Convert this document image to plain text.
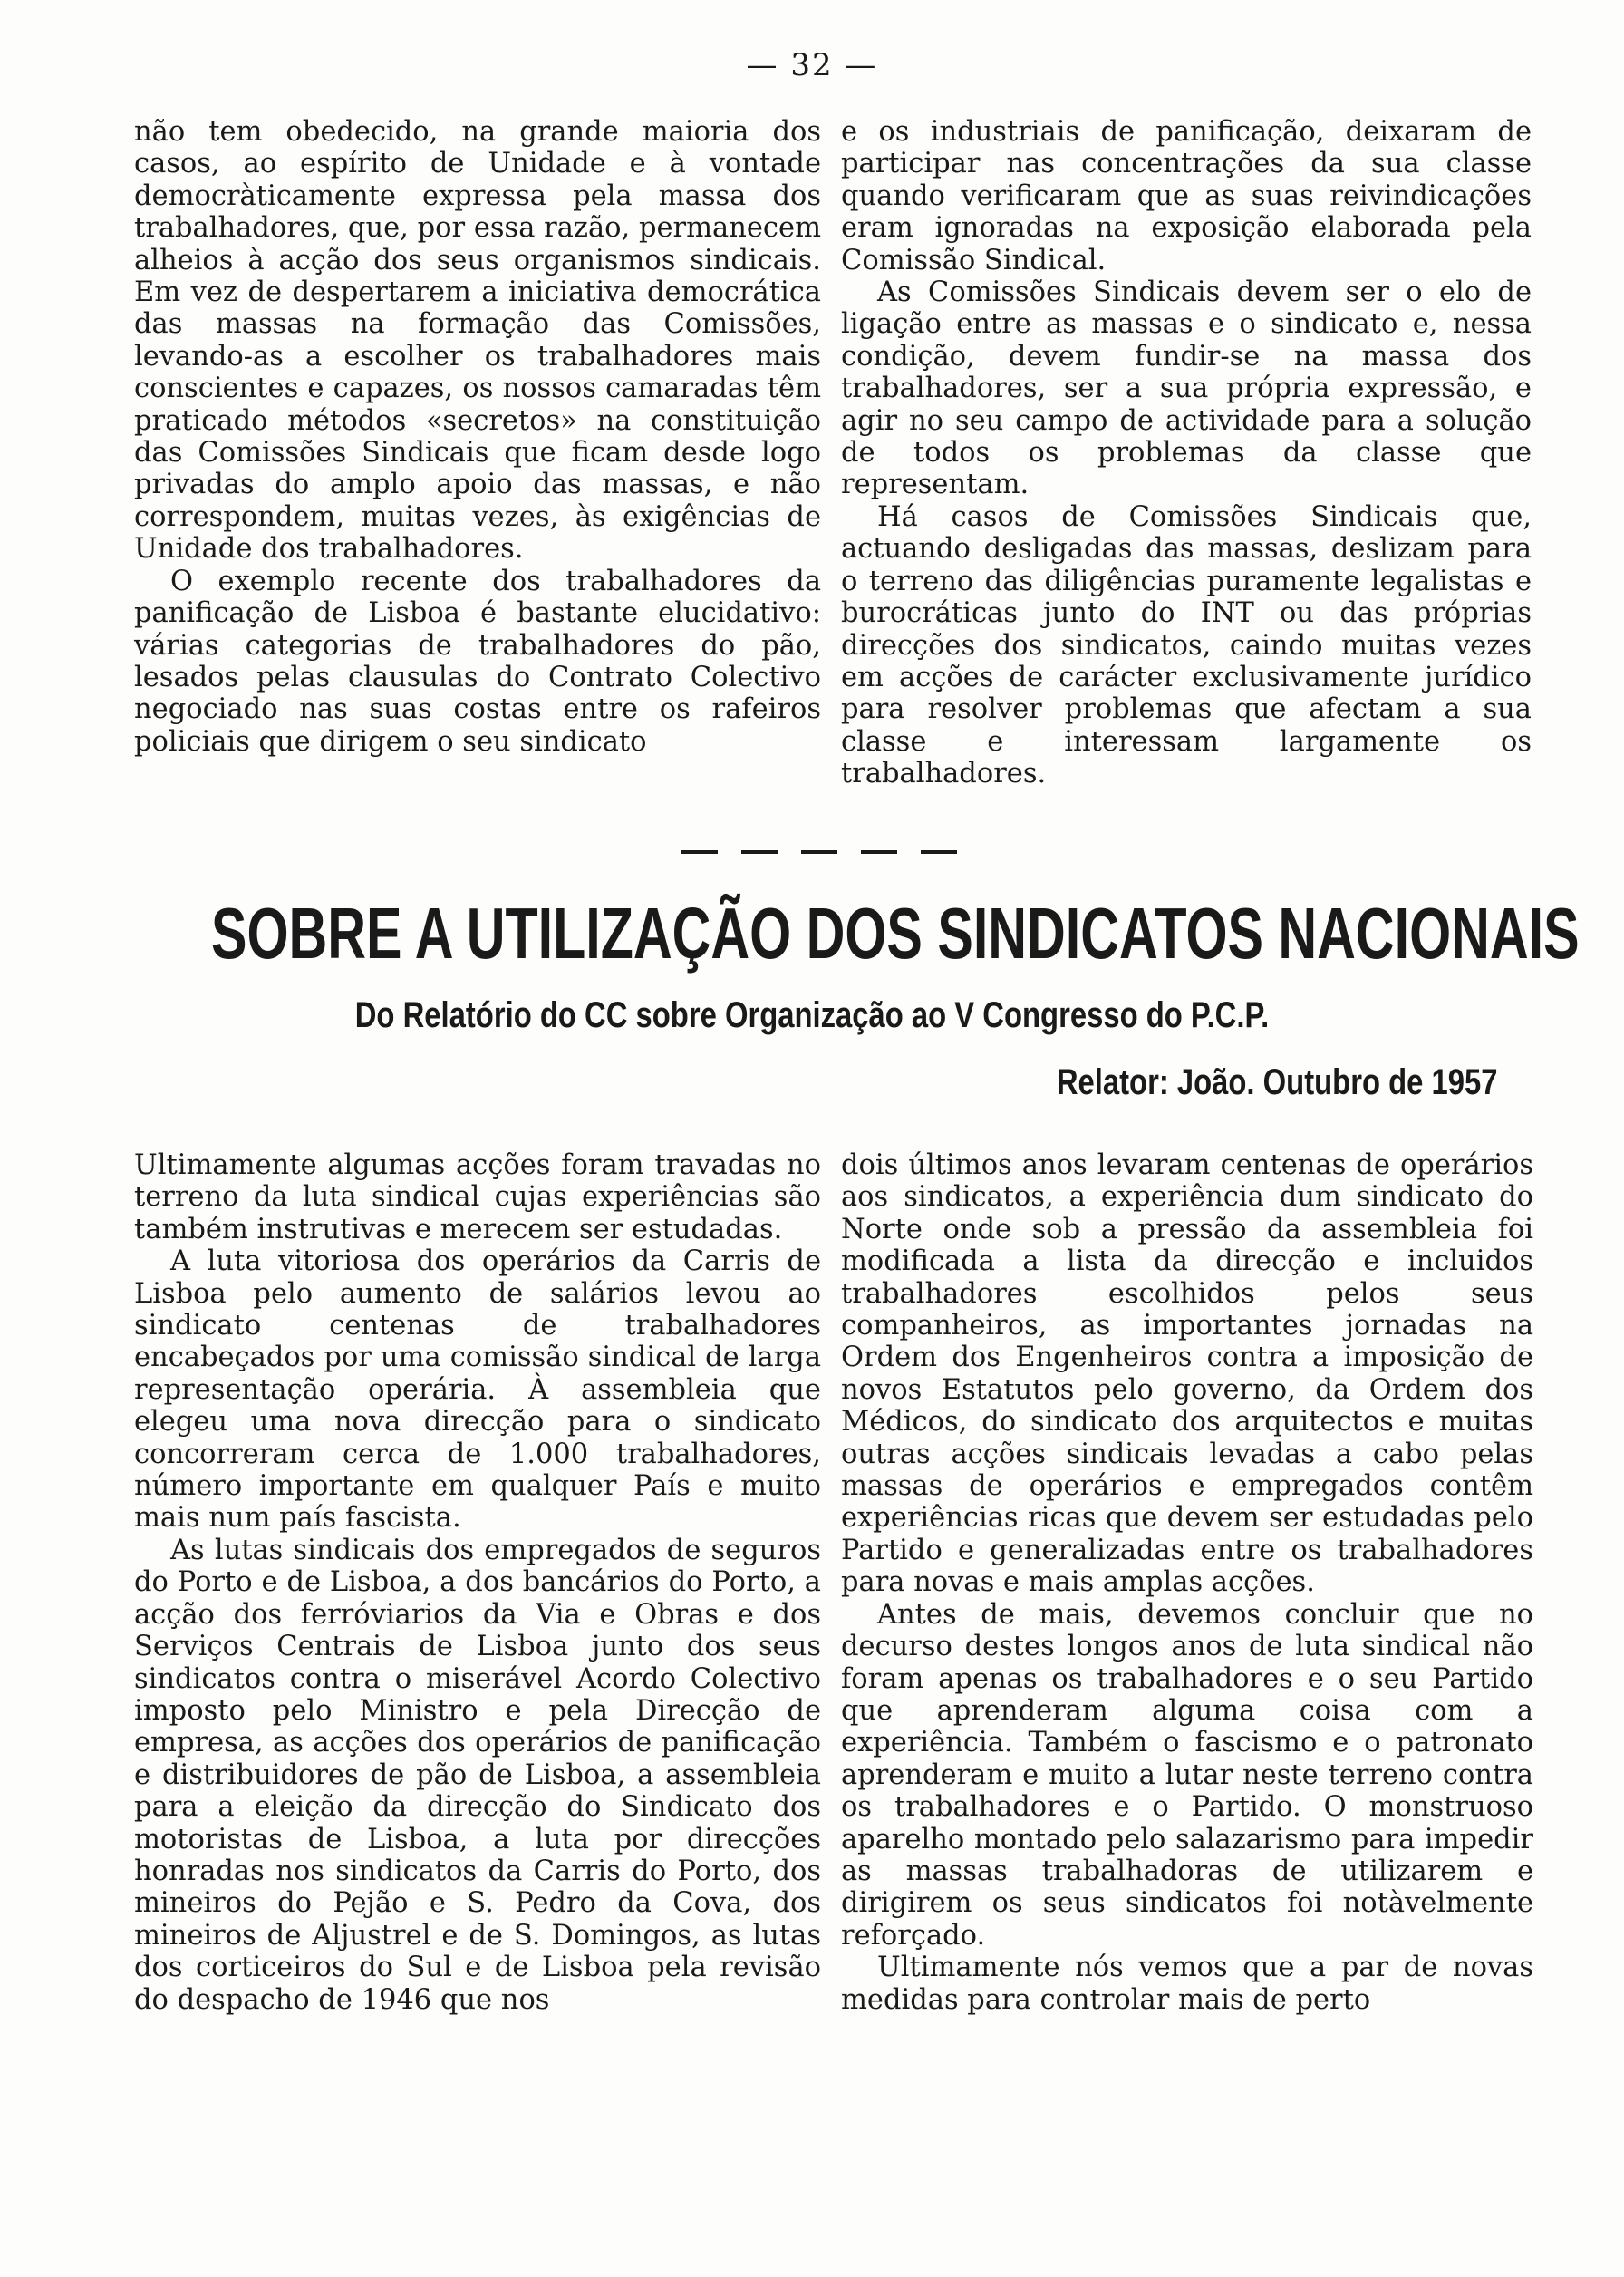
— 32 —

não tem obedecido, na grande maioria dos casos, ao espírito de Unidade e à vontade democràticamente expressa pela massa dos trabalhadores, que, por essa razão, permanecem alheios à acção dos seus organismos sindicais. Em vez de despertarem a iniciativa democrática das massas na formação das Comissões, levando-as a escolher os trabalhadores mais conscientes e capazes, os nossos camaradas têm praticado métodos «secretos» na constituição das Comissões Sindicais que ficam desde logo privadas do amplo apoio das massas, e não correspondem, muitas vezes, às exigências de Unidade dos trabalhadores.

O exemplo recente dos trabalhadores da panificação de Lisboa é bastante elucidativo: várias categorias de trabalhadores do pão, lesados pelas clausulas do Contrato Colectivo negociado nas suas costas entre os rafeiros policiais que dirigem o seu sindicato

e os industriais de panificação, deixaram de participar nas concentrações da sua classe quando verificaram que as suas reivindicações eram ignoradas na exposição elaborada pela Comissão Sindical.

As Comissões Sindicais devem ser o elo de ligação entre as massas e o sindicato e, nessa condição, devem fundir-se na massa dos trabalhadores, ser a sua própria expressão, e agir no seu campo de actividade para a solução de todos os problemas da classe que representam.

Há casos de Comissões Sindicais que, actuando desligadas das massas, deslizam para o terreno das diligências puramente legalistas e burocráticas junto do INT ou das próprias direcções dos sindicatos, caindo muitas vezes em acções de carácter exclusivamente jurídico para resolver problemas que afectam a sua classe e interessam largamente os trabalhadores.

SOBRE A UTILIZAÇÃO DOS SINDICATOS NACIONAIS
Do Relatório do CC sobre Organização ao V Congresso do P.C.P.
Relator: João. Outubro de 1957

Ultimamente algumas acções foram travadas no terreno da luta sindical cujas experiências são também instrutivas e merecem ser estudadas.

A luta vitoriosa dos operários da Carris de Lisboa pelo aumento de salários levou ao sindicato centenas de trabalhadores encabeçados por uma comissão sindical de larga representação operária. À assembleia que elegeu uma nova direcção para o sindicato concorreram cerca de 1.000 trabalhadores, número importante em qualquer País e muito mais num país fascista.

As lutas sindicais dos empregados de seguros do Porto e de Lisboa, a dos bancários do Porto, a acção dos ferróviarios da Via e Obras e dos Serviços Centrais de Lisboa junto dos seus sindicatos contra o miserável Acordo Colectivo imposto pelo Ministro e pela Direcção de empresa, as acções dos operários de panificação e distribuidores de pão de Lisboa, a assembleia para a eleição da direcção do Sindicato dos motoristas de Lisboa, a luta por direcções honradas nos sindicatos da Carris do Porto, dos mineiros do Pejão e S. Pedro da Cova, dos mineiros de Aljustrel e de S. Domingos, as lutas dos corticeiros do Sul e de Lisboa pela revisão do despacho de 1946 que nos

dois últimos anos levaram centenas de operários aos sindicatos, a experiência dum sindicato do Norte onde sob a pressão da assembleia foi modificada a lista da direcção e incluidos trabalhadores escolhidos pelos seus companheiros, as importantes jornadas na Ordem dos Engenheiros contra a imposição de novos Estatutos pelo governo, da Ordem dos Médicos, do sindicato dos arquitectos e muitas outras acções sindicais levadas a cabo pelas massas de operários e empregados contêm experiências ricas que devem ser estudadas pelo Partido e generalizadas entre os trabalhadores para novas e mais amplas acções.

Antes de mais, devemos concluir que no decurso destes longos anos de luta sindical não foram apenas os trabalhadores e o seu Partido que aprenderam alguma coisa com a experiência. Também o fascismo e o patronato aprenderam e muito a lutar neste terreno contra os trabalhadores e o Partido. O monstruoso aparelho montado pelo salazarismo para impedir as massas trabalhadoras de utilizarem e dirigirem os seus sindicatos foi notàvelmente reforçado.

Ultimamente nós vemos que a par de novas medidas para controlar mais de perto
